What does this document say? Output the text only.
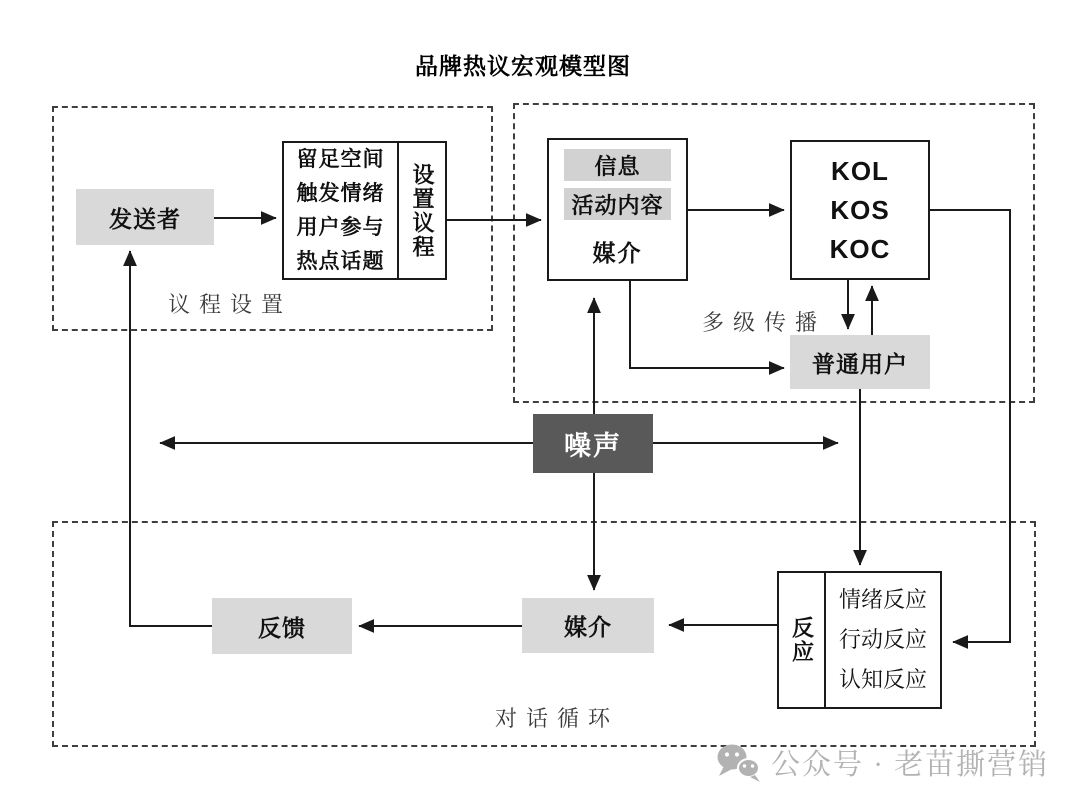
品牌热议宏观模型图
发送者
留足空间
触发情绪
用户参与
热点话题
设置议程
议程设置
信息
活动内容
媒介
KOL
KOS
KOC
普通用户
多级传播
噪声
反馈	媒介	反应
情绪反应
行动反应
认知反应
对话循环
公众号 · 老苗撕营销
